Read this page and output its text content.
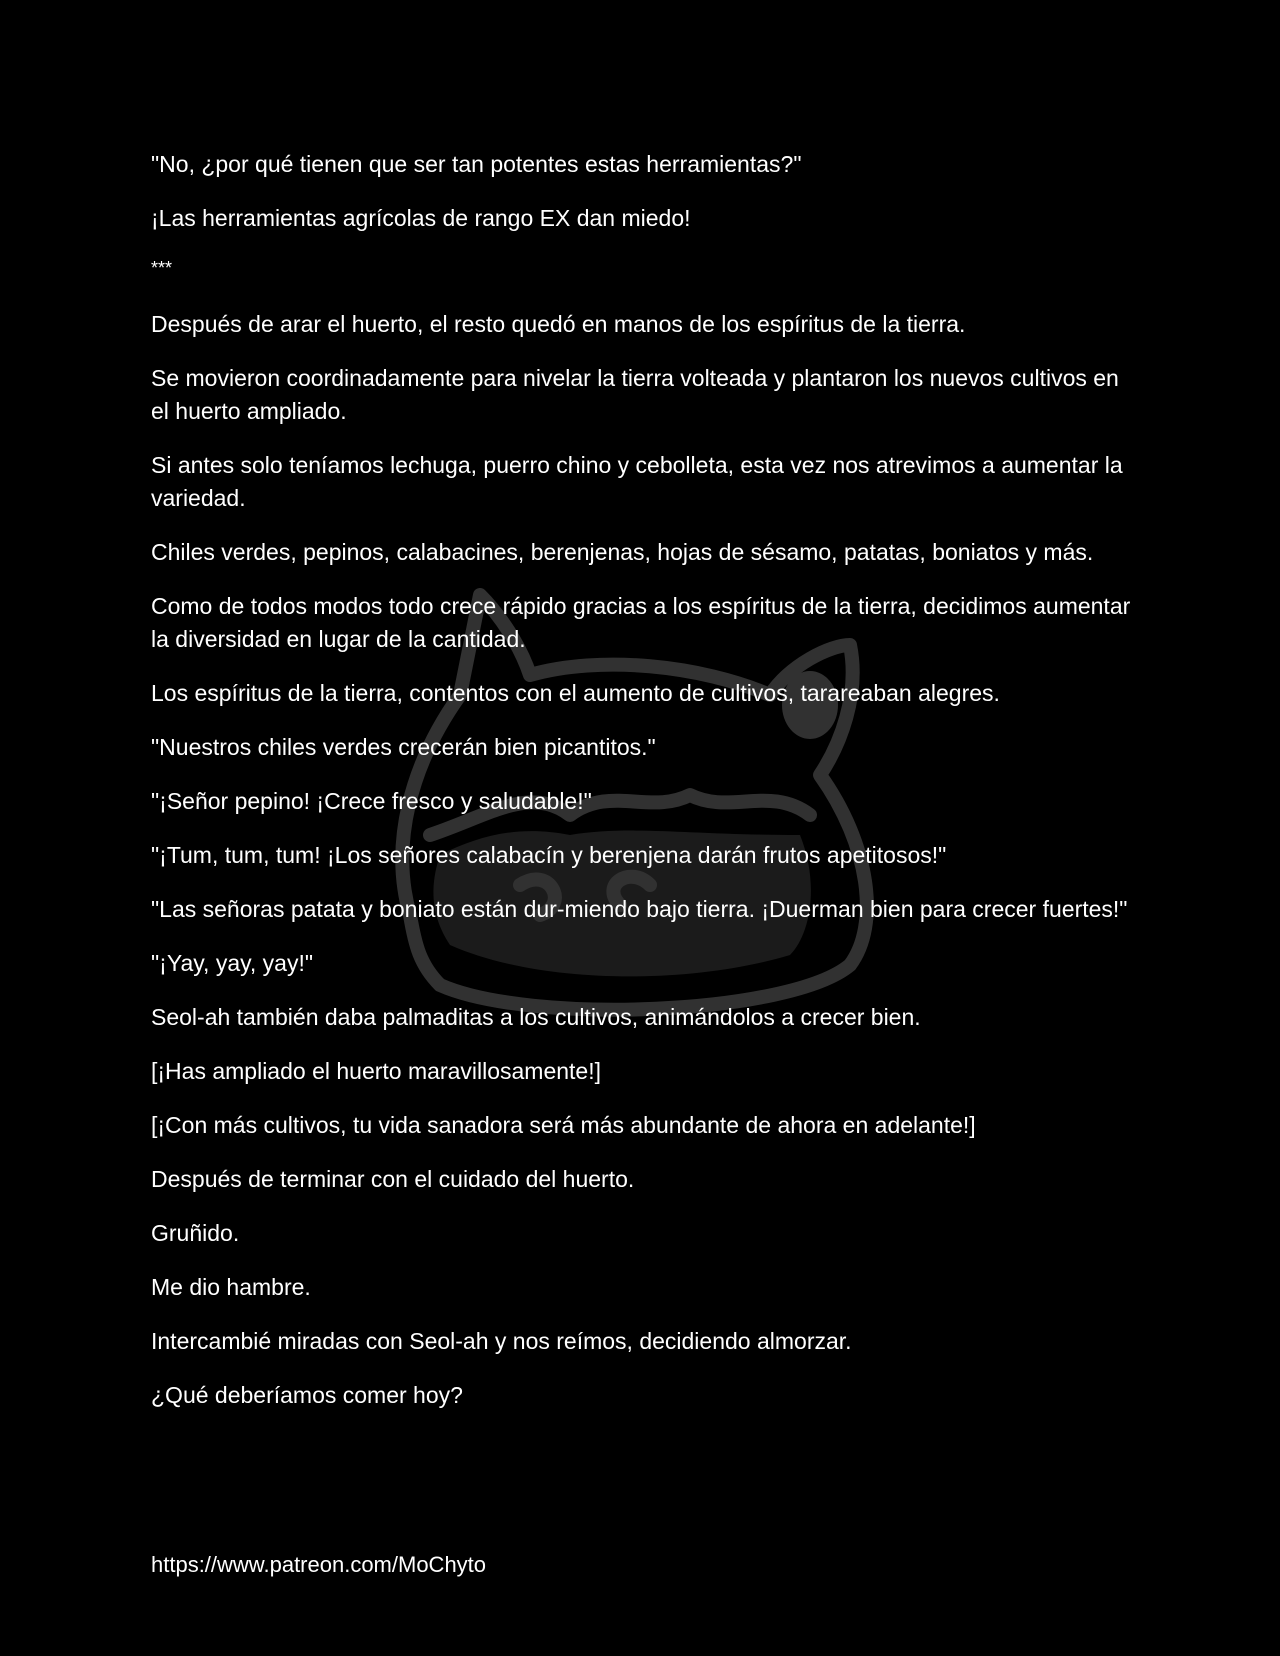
"No, ¿por qué tienen que ser tan potentes estas herramientas?"

¡Las herramientas agrícolas de rango EX dan miedo!

***

Después de arar el huerto, el resto quedó en manos de los espíritus de la tierra.

Se movieron coordinadamente para nivelar la tierra volteada y plantaron los nuevos cultivos en el huerto ampliado.

Si antes solo teníamos lechuga, puerro chino y cebolleta, esta vez nos atrevimos a aumentar la variedad.

Chiles verdes, pepinos, calabacines, berenjenas, hojas de sésamo, patatas, boniatos y más.

Como de todos modos todo crece rápido gracias a los espíritus de la tierra, decidimos aumentar la diversidad en lugar de la cantidad.

Los espíritus de la tierra, contentos con el aumento de cultivos, tarareaban alegres.

"Nuestros chiles verdes crecerán bien picantitos."

"¡Señor pepino! ¡Crece fresco y saludable!"

"¡Tum, tum, tum! ¡Los señores calabacín y berenjena darán frutos apetitosos!"

"Las señoras patata y boniato están dur-miendo bajo tierra. ¡Duerman bien para crecer fuertes!"

"¡Yay, yay, yay!"

Seol-ah también daba palmaditas a los cultivos, animándolos a crecer bien.

[¡Has ampliado el huerto maravillosamente!]

[¡Con más cultivos, tu vida sanadora será más abundante de ahora en adelante!]

Después de terminar con el cuidado del huerto.

Gruñido.

Me dio hambre.

Intercambié miradas con Seol-ah y nos reímos, decidiendo almorzar.

¿Qué deberíamos comer hoy?

https://www.patreon.com/MoChyto
